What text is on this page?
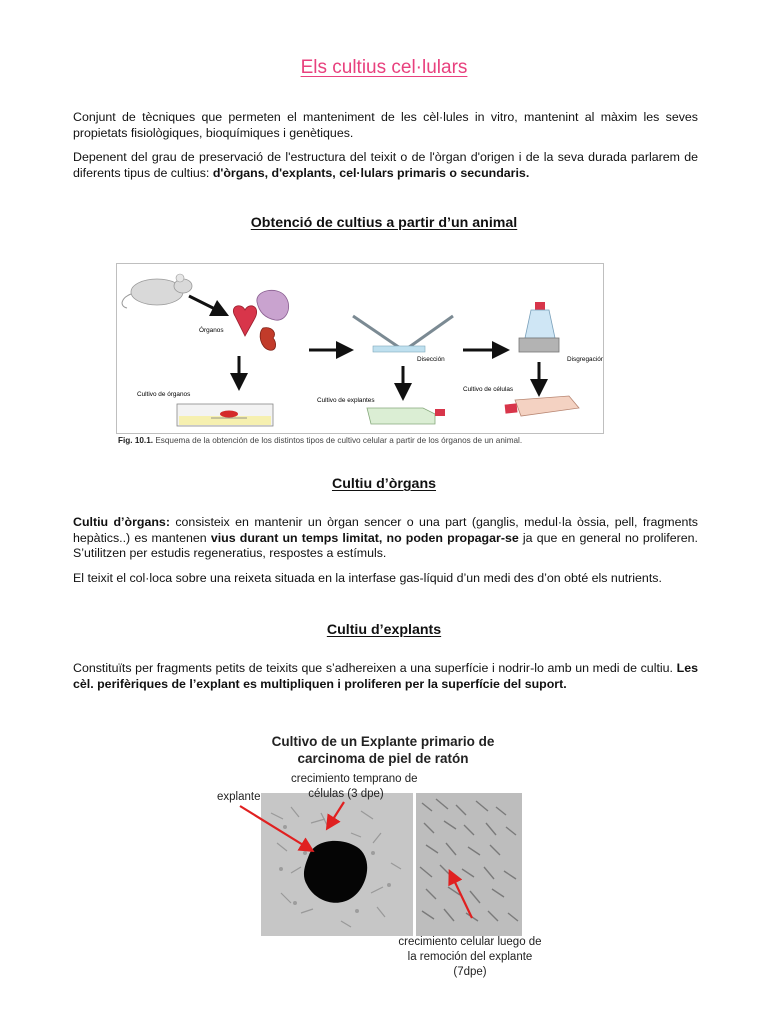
Els cultius cel·lulars
Conjunt de tècniques que permeten el manteniment de les cèl·lules in vitro, mantenint al màxim les seves propietats fisiològiques, bioquímiques i genètiques.
Depenent del grau de preservació de l'estructura del teixit o de l'òrgan d'origen i de la seva durada parlarem de diferents tipus de cultius: d'òrgans, d'explants, cel·lulars primaris o secundaris.
Obtenció de cultius a partir d’un animal
Órganos
Cultivo de órganos
Disección
Cultivo de explantes
Disgregación
Cultivo de células
Fig. 10.1. Esquema de la obtención de los distintos tipos de cultivo celular a partir de los órganos de un animal.
Cultiu d’òrgans
Cultiu d’òrgans: consisteix en mantenir un òrgan sencer o una part (ganglis, medul·la òssia, pell, fragments hepàtics..) es mantenen vius durant un temps limitat, no poden propagar-se ja que en general no proliferen. S’utilitzen per estudis regeneratius, respostes a estímuls.
El teixit el col·loca sobre una reixeta situada en la interfase gas-líquid d’un medi des d’on obté els nutrients.
Cultiu d’explants
Constituïts per fragments petits de teixits que s’adhereixen a una superfície i nodrir-lo amb un medi de cultiu. Les cèl. perifèriques de l’explant es multipliquen i proliferen per la superfície del suport.
Cultivo de un Explante primario de
carcinoma de piel de ratón
crecimiento temprano de
células (3 dpe)
explante
crecimiento celular luego de
la remoción del explante
(7dpe)
